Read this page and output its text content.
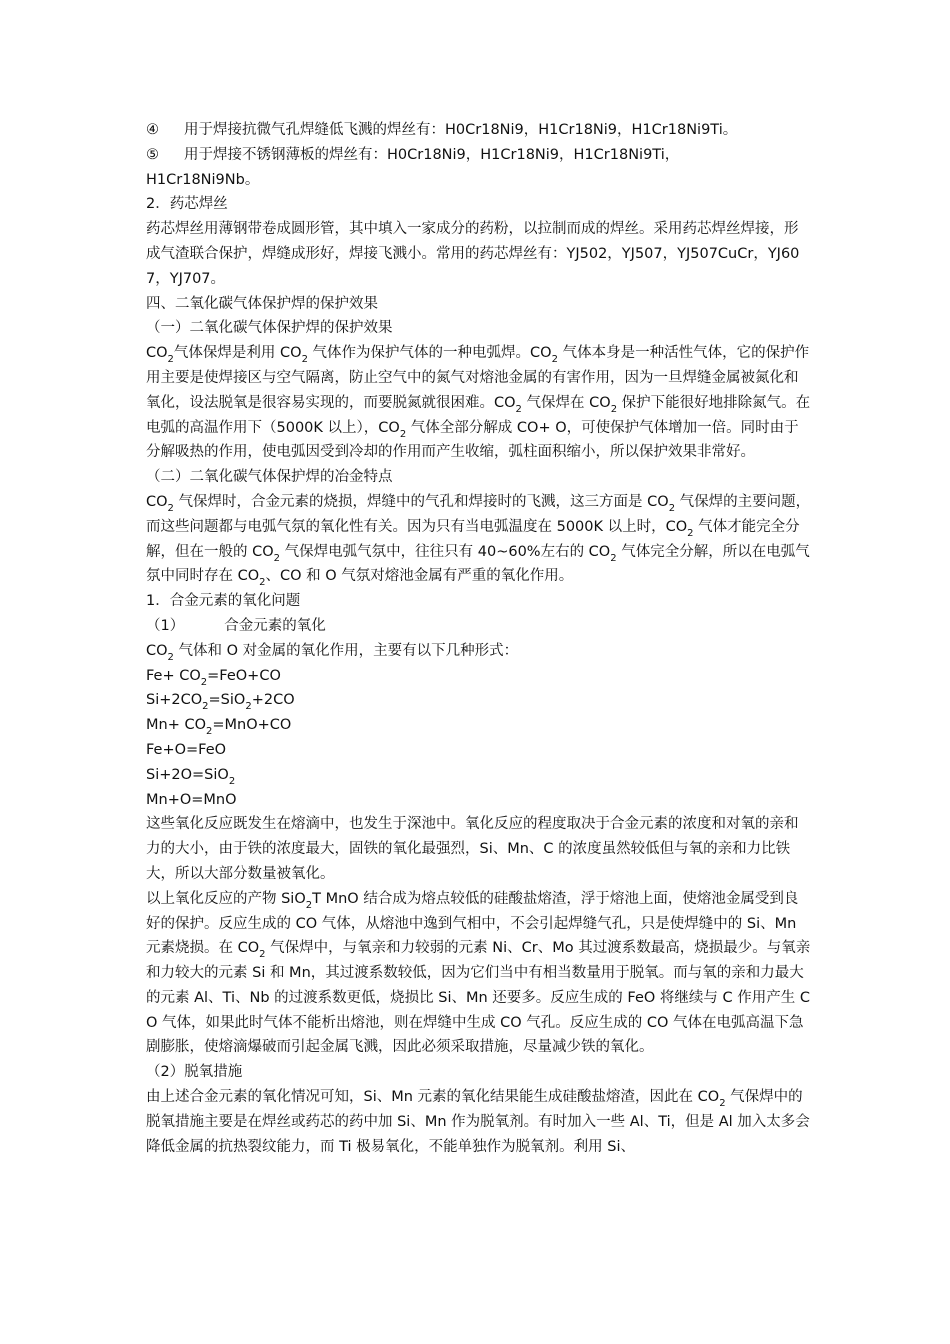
④ 用于焊接抗微气孔焊缝低飞溅的焊丝有：H0Cr18Ni9，H1Cr18Ni9，H1Cr18Ni9Ti。

⑤ 用于焊接不锈钢薄板的焊丝有：H0Cr18Ni9，H1Cr18Ni9，H1Cr18Ni9Ti，

H1Cr18Ni9Nb。

2．药芯焊丝

药芯焊丝用薄钢带卷成圆形管，其中填入一家成分的药粉，以拉制而成的焊丝。采用药芯焊丝焊接，形成气渣联合保护，焊缝成形好，焊接飞溅小。常用的药芯焊丝有：YJ502，YJ507，YJ507CuCr，YJ607，YJ707。

四、二氧化碳气体保护焊的保护效果

（一）二氧化碳气体保护焊的保护效果

$CO_2$气体保焊是利用 $CO_2$ 气体作为保护气体的一种电弧焊。$CO_2$ 气体本身是一种活性气体，它的保护作用主要是使焊接区与空气隔离，防止空气中的氮气对熔池金属的有害作用，因为一旦焊缝金属被氮化和氧化，设法脱氧是很容易实现的，而要脱氮就很困难。$CO_2$ 气保焊在 $CO_2$ 保护下能很好地排除氮气。在电弧的高温作用下（5000K 以上），$CO_2$ 气体全部分解成 CO+ O，可使保护气体增加一倍。同时由于分解吸热的作用，使电弧因受到冷却的作用而产生收缩，弧柱面积缩小，所以保护效果非常好。

（二）二氧化碳气体保护焊的冶金特点

$CO_2$ 气保焊时，合金元素的烧损，焊缝中的气孔和焊接时的飞溅，这三方面是 $CO_2$ 气保焊的主要问题，而这些问题都与电弧气氛的氧化性有关。因为只有当电弧温度在 5000K 以上时，$CO_2$ 气体才能完全分解，但在一般的 $CO_2$ 气保焊电弧气氛中，往往只有 40~60%左右的 $CO_2$ 气体完全分解，所以在电弧气氛中同时存在 $CO_2$、CO 和 O 气氛对熔池金属有严重的氧化作用。

1．合金元素的氧化问题

（1）	合金元素的氧化

$CO_2$ 气体和 O 对金属的氧化作用，主要有以下几种形式：

$Fe+ CO_2=FeO+CO$

$Si+2CO_2=SiO_2+2CO$

$Mn+ CO_2=MnO+CO$

Fe+O=FeO

Si+2O=SiO$_2$

Mn+O=MnO

这些氧化反应既发生在熔滴中，也发生于深池中。氧化反应的程度取决于合金元素的浓度和对氧的亲和力的大小，由于铁的浓度最大，固铁的氧化最强烈，Si、Mn、C 的浓度虽然较低但与氧的亲和力比铁大，所以大部分数量被氧化。

以上氧化反应的产物 SiO$_2$T MnO 结合成为熔点较低的硅酸盐熔渣，浮于熔池上面，使熔池金属受到良好的保护。反应生成的 CO 气体，从熔池中逸到气相中，不会引起焊缝气孔，只是使焊缝中的 Si、Mn 元素烧损。在 $CO_2$ 气保焊中，与氧亲和力较弱的元素 Ni、Cr、Mo 其过渡系数最高，烧损最少。与氧亲和力较大的元素 Si 和 Mn，其过渡系数较低，因为它们当中有相当数量用于脱氧。而与氧的亲和力最大的元素 Al、Ti、Nb 的过渡系数更低，烧损比 Si、Mn 还要多。反应生成的 FeO 将继续与 C 作用产生 CO 气体，如果此时气体不能析出熔池，则在焊缝中生成 CO 气孔。反应生成的 CO 气体在电弧高温下急剧膨胀，使熔滴爆破而引起金属飞溅，因此必须采取措施，尽量减少铁的氧化。

（2）脱氧措施

由上述合金元素的氧化情况可知，Si、Mn 元素的氧化结果能生成硅酸盐熔渣，因此在 $CO_2$ 气保焊中的脱氧措施主要是在焊丝或药芯的药中加 Si、Mn 作为脱氧剂。有时加入一些 Al、Ti，但是 Al 加入太多会降低金属的抗热裂纹能力，而 Ti 极易氧化，不能单独作为脱氧剂。利用 Si、
